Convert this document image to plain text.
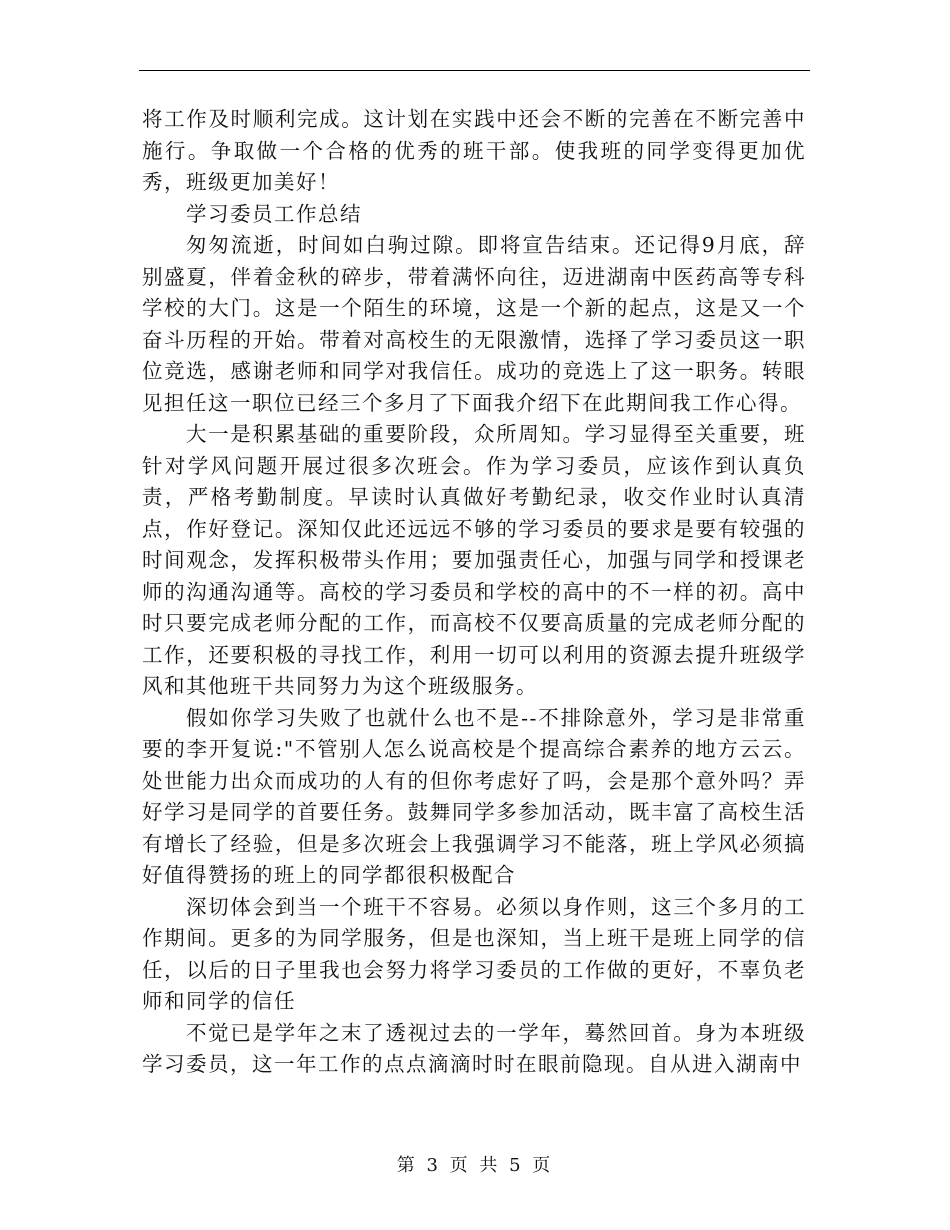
将工作及时顺利完成。这计划在实践中还会不断的完善在不断完善中施行。争取做一个合格的优秀的班干部。使我班的同学变得更加优秀，班级更加美好！

学习委员工作总结

匆匆流逝，时间如白驹过隙。即将宣告结束。还记得9月底，辞别盛夏，伴着金秋的碎步，带着满怀向往，迈进湖南中医药高等专科学校的大门。这是一个陌生的环境，这是一个新的起点，这是又一个奋斗历程的开始。带着对高校生的无限激情，选择了学习委员这一职位竞选，感谢老师和同学对我信任。成功的竞选上了这一职务。转眼见担任这一职位已经三个多月了下面我介绍下在此期间我工作心得。

大一是积累基础的重要阶段，众所周知。学习显得至关重要，班针对学风问题开展过很多次班会。作为学习委员，应该作到认真负责，严格考勤制度。早读时认真做好考勤纪录，收交作业时认真清点，作好登记。深知仅此还远远不够的学习委员的要求是要有较强的时间观念，发挥积极带头作用；要加强责任心，加强与同学和授课老师的沟通沟通等。高校的学习委员和学校的高中的不一样的初。高中时只要完成老师分配的工作，而高校不仅要高质量的完成老师分配的工作，还要积极的寻找工作，利用一切可以利用的资源去提升班级学风和其他班干共同努力为这个班级服务。

假如你学习失败了也就什么也不是--不排除意外，学习是非常重要的李开复说:"不管别人怎么说高校是个提高综合素养的地方云云。处世能力出众而成功的人有的但你考虑好了吗，会是那个意外吗？弄好学习是同学的首要任务。鼓舞同学多参加活动，既丰富了高校生活有增长了经验，但是多次班会上我强调学习不能落，班上学风必须搞好值得赞扬的班上的同学都很积极配合

深切体会到当一个班干不容易。必须以身作则，这三个多月的工作期间。更多的为同学服务，但是也深知，当上班干是班上同学的信任，以后的日子里我也会努力将学习委员的工作做的更好，不辜负老师和同学的信任

不觉已是学年之末了透视过去的一学年，蓦然回首。身为本班级学习委员，这一年工作的点点滴滴时时在眼前隐现。自从进入湖南中

第 3 页 共 5 页
